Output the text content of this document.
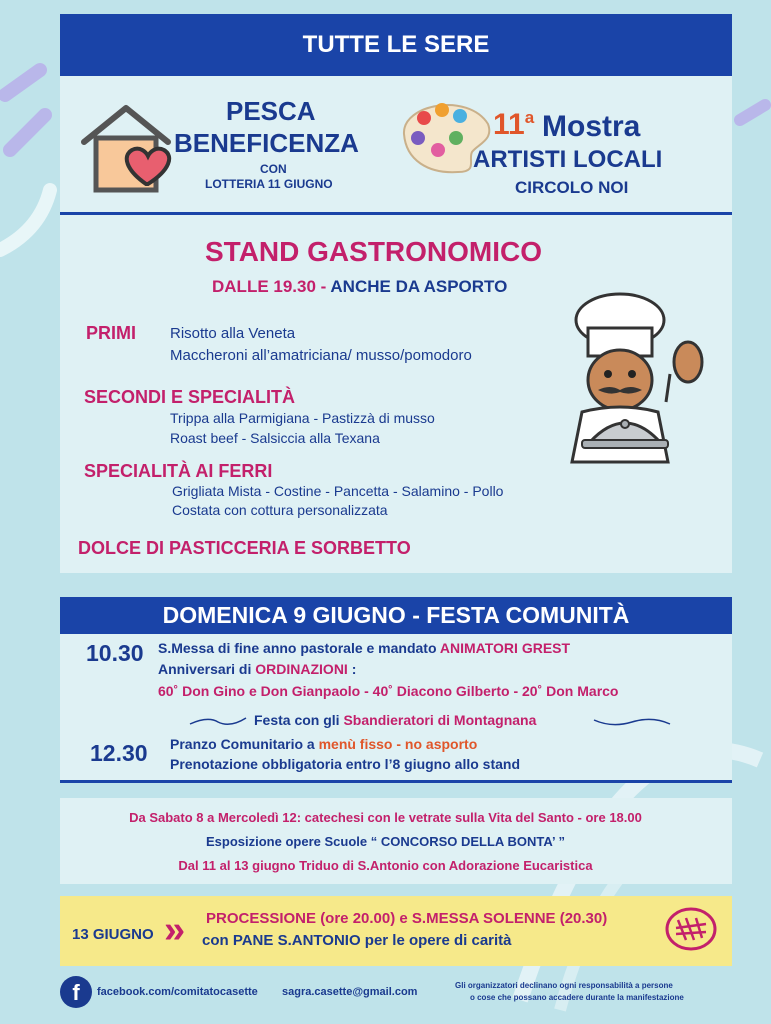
TUTTE LE SERE
PESCA
BENEFICENZA
CON
LOTTERIA 11 GIUGNO
11$^a$ Mostra
ARTISTI LOCALI
CIRCOLO NOI
STAND GASTRONOMICO
DALLE 19.30 - ANCHE DA ASPORTO
PRIMI Risotto alla Veneta
Maccheroni all’amatriciana/ musso/pomodoro
SECONDI E SPECIALITÀ
Trippa alla Parmigiana - Pastizzà di musso
Roast beef - Salsiccia alla Texana
SPECIALITÀ AI FERRI
Grigliata Mista - Costine - Pancetta - Salamino - Pollo
Costata con cottura personalizzata
DOLCE DI PASTICCERIA E SORBETTO
DOMENICA 9 GIUGNO - FESTA COMUNITÀ
10.30 S.Messa di fine anno pastorale e mandato ANIMATORI GREST
Anniversari di ORDINAZIONI :
60˚ Don Gino e Don Gianpaolo - 40˚ Diacono Gilberto - 20˚ Don Marco
Festa con gli Sbandieratori di Montagnana
12.30 Pranzo Comunitario a menù fisso - no asporto
Prenotazione obbligatoria entro l’8 giugno allo stand
Da Sabato 8 a Mercoledì 12: catechesi con le vetrate sulla Vita del Santo - ore 18.00
Esposizione opere Scuole “ CONCORSO DELLA BONTA’ ”
Dal 11 al 13 giugno Triduo di S.Antonio con Adorazione Eucaristica
13 GIUGNO » PROCESSIONE (ore 20.00) e S.MESSA SOLENNE (20.30)
con PANE S.ANTONIO per le opere di carità
f	facebook.com/comitatocasette sagra.casette@gmail.com
Gli organizzatori declinano ogni responsabilità a persone
o cose che possano accadere durante la manifestazione
